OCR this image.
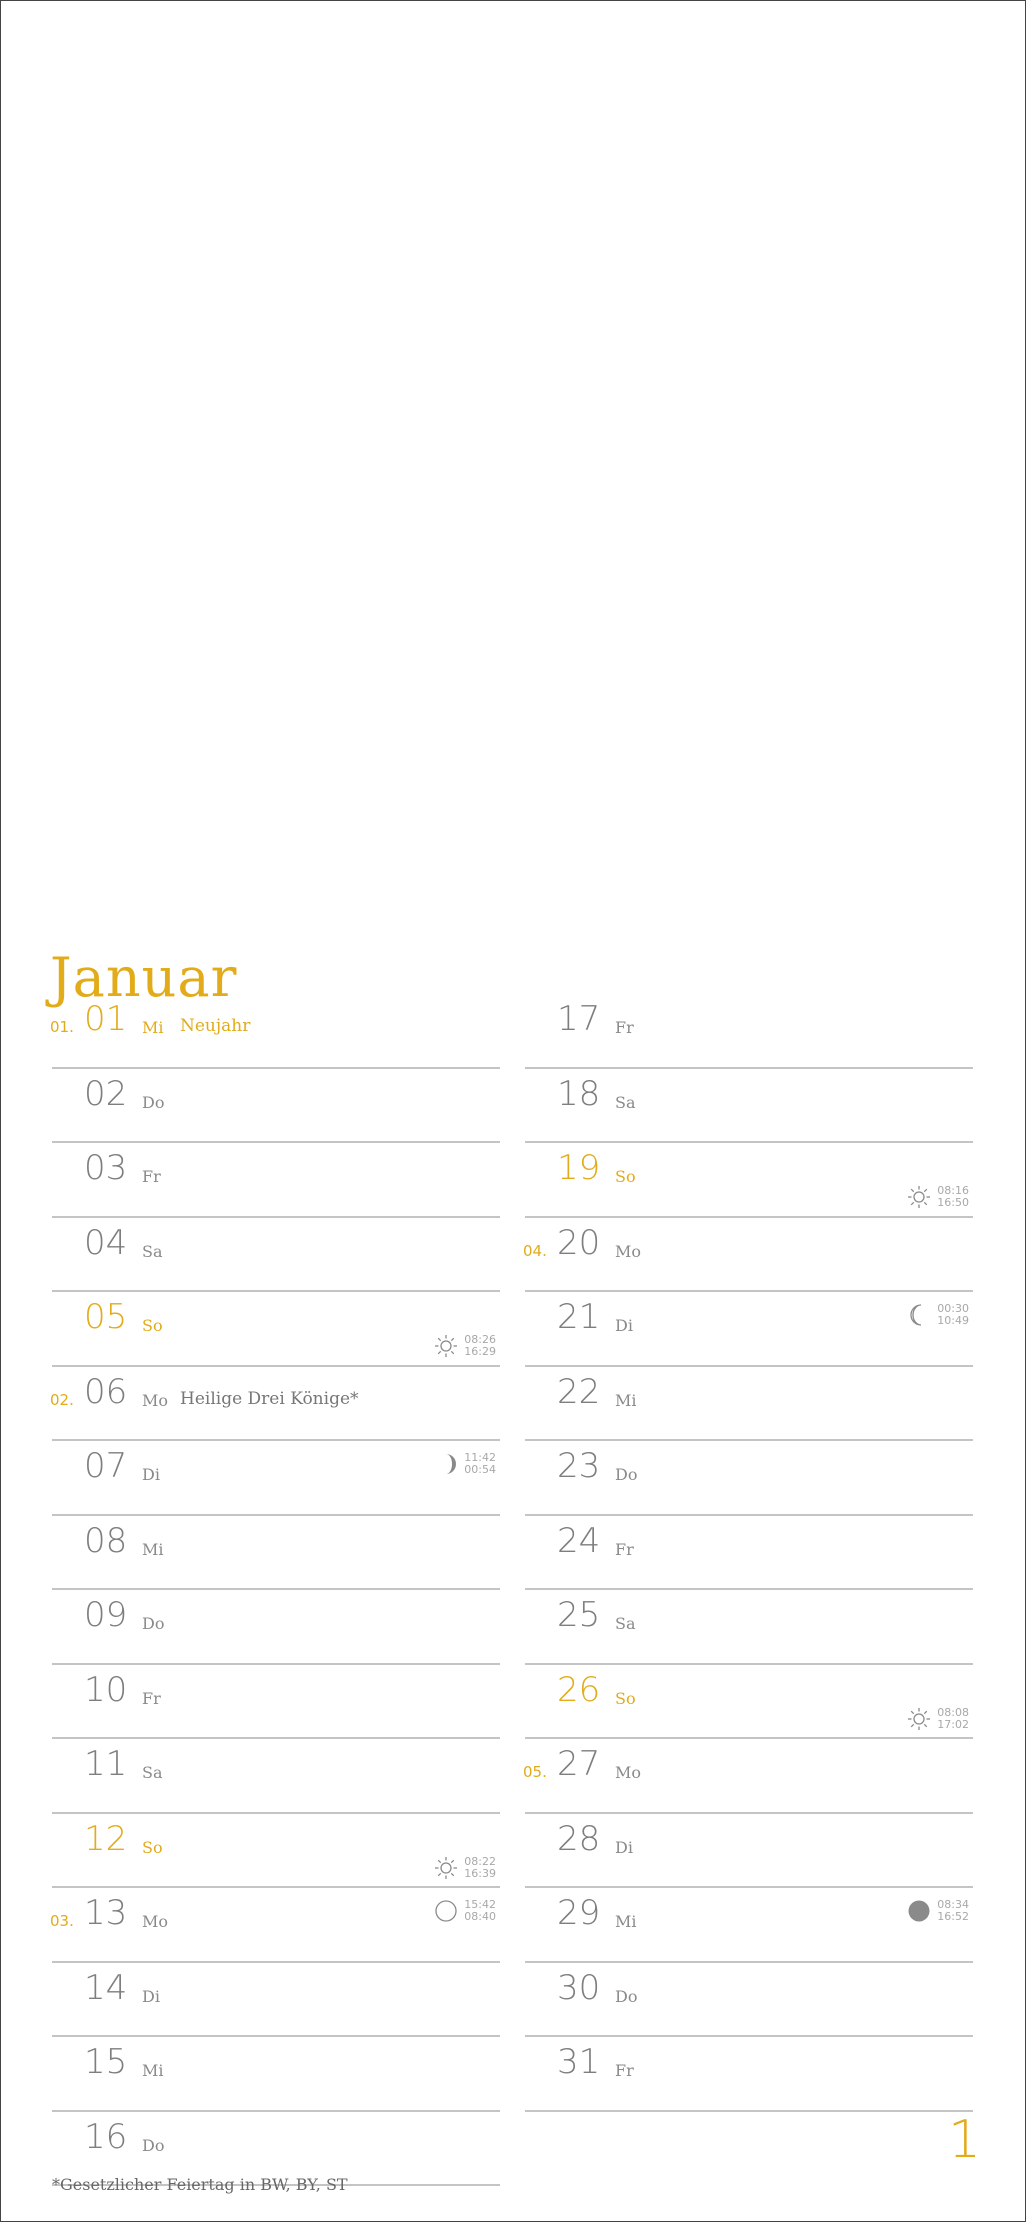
Januar
01. 01 Mi Neujahr
02 Do
03 Fr
04 Sa
05 So
08:26
16:29
02. 06 Mo Heilige Drei Könige*
11:42
00:54
07 Di
08 Mi
09 Do
10 Fr
11 Sa
12 So
08:22
16:39
15:42
08:40
03. 13 Mo
14 Di
15 Mi
16 Do
17 Fr
18 Sa
19 So
08:16
16:50
04. 20 Mo
00:30
10:49
21 Di
22 Mi
23 Do
24 Fr
25 Sa
26 So
08:08
17:02
05. 27 Mo
28 Di
08:34
16:52
29 Mi
30 Do
31 Fr
*Gesetzlicher Feiertag in BW, BY, ST
1
